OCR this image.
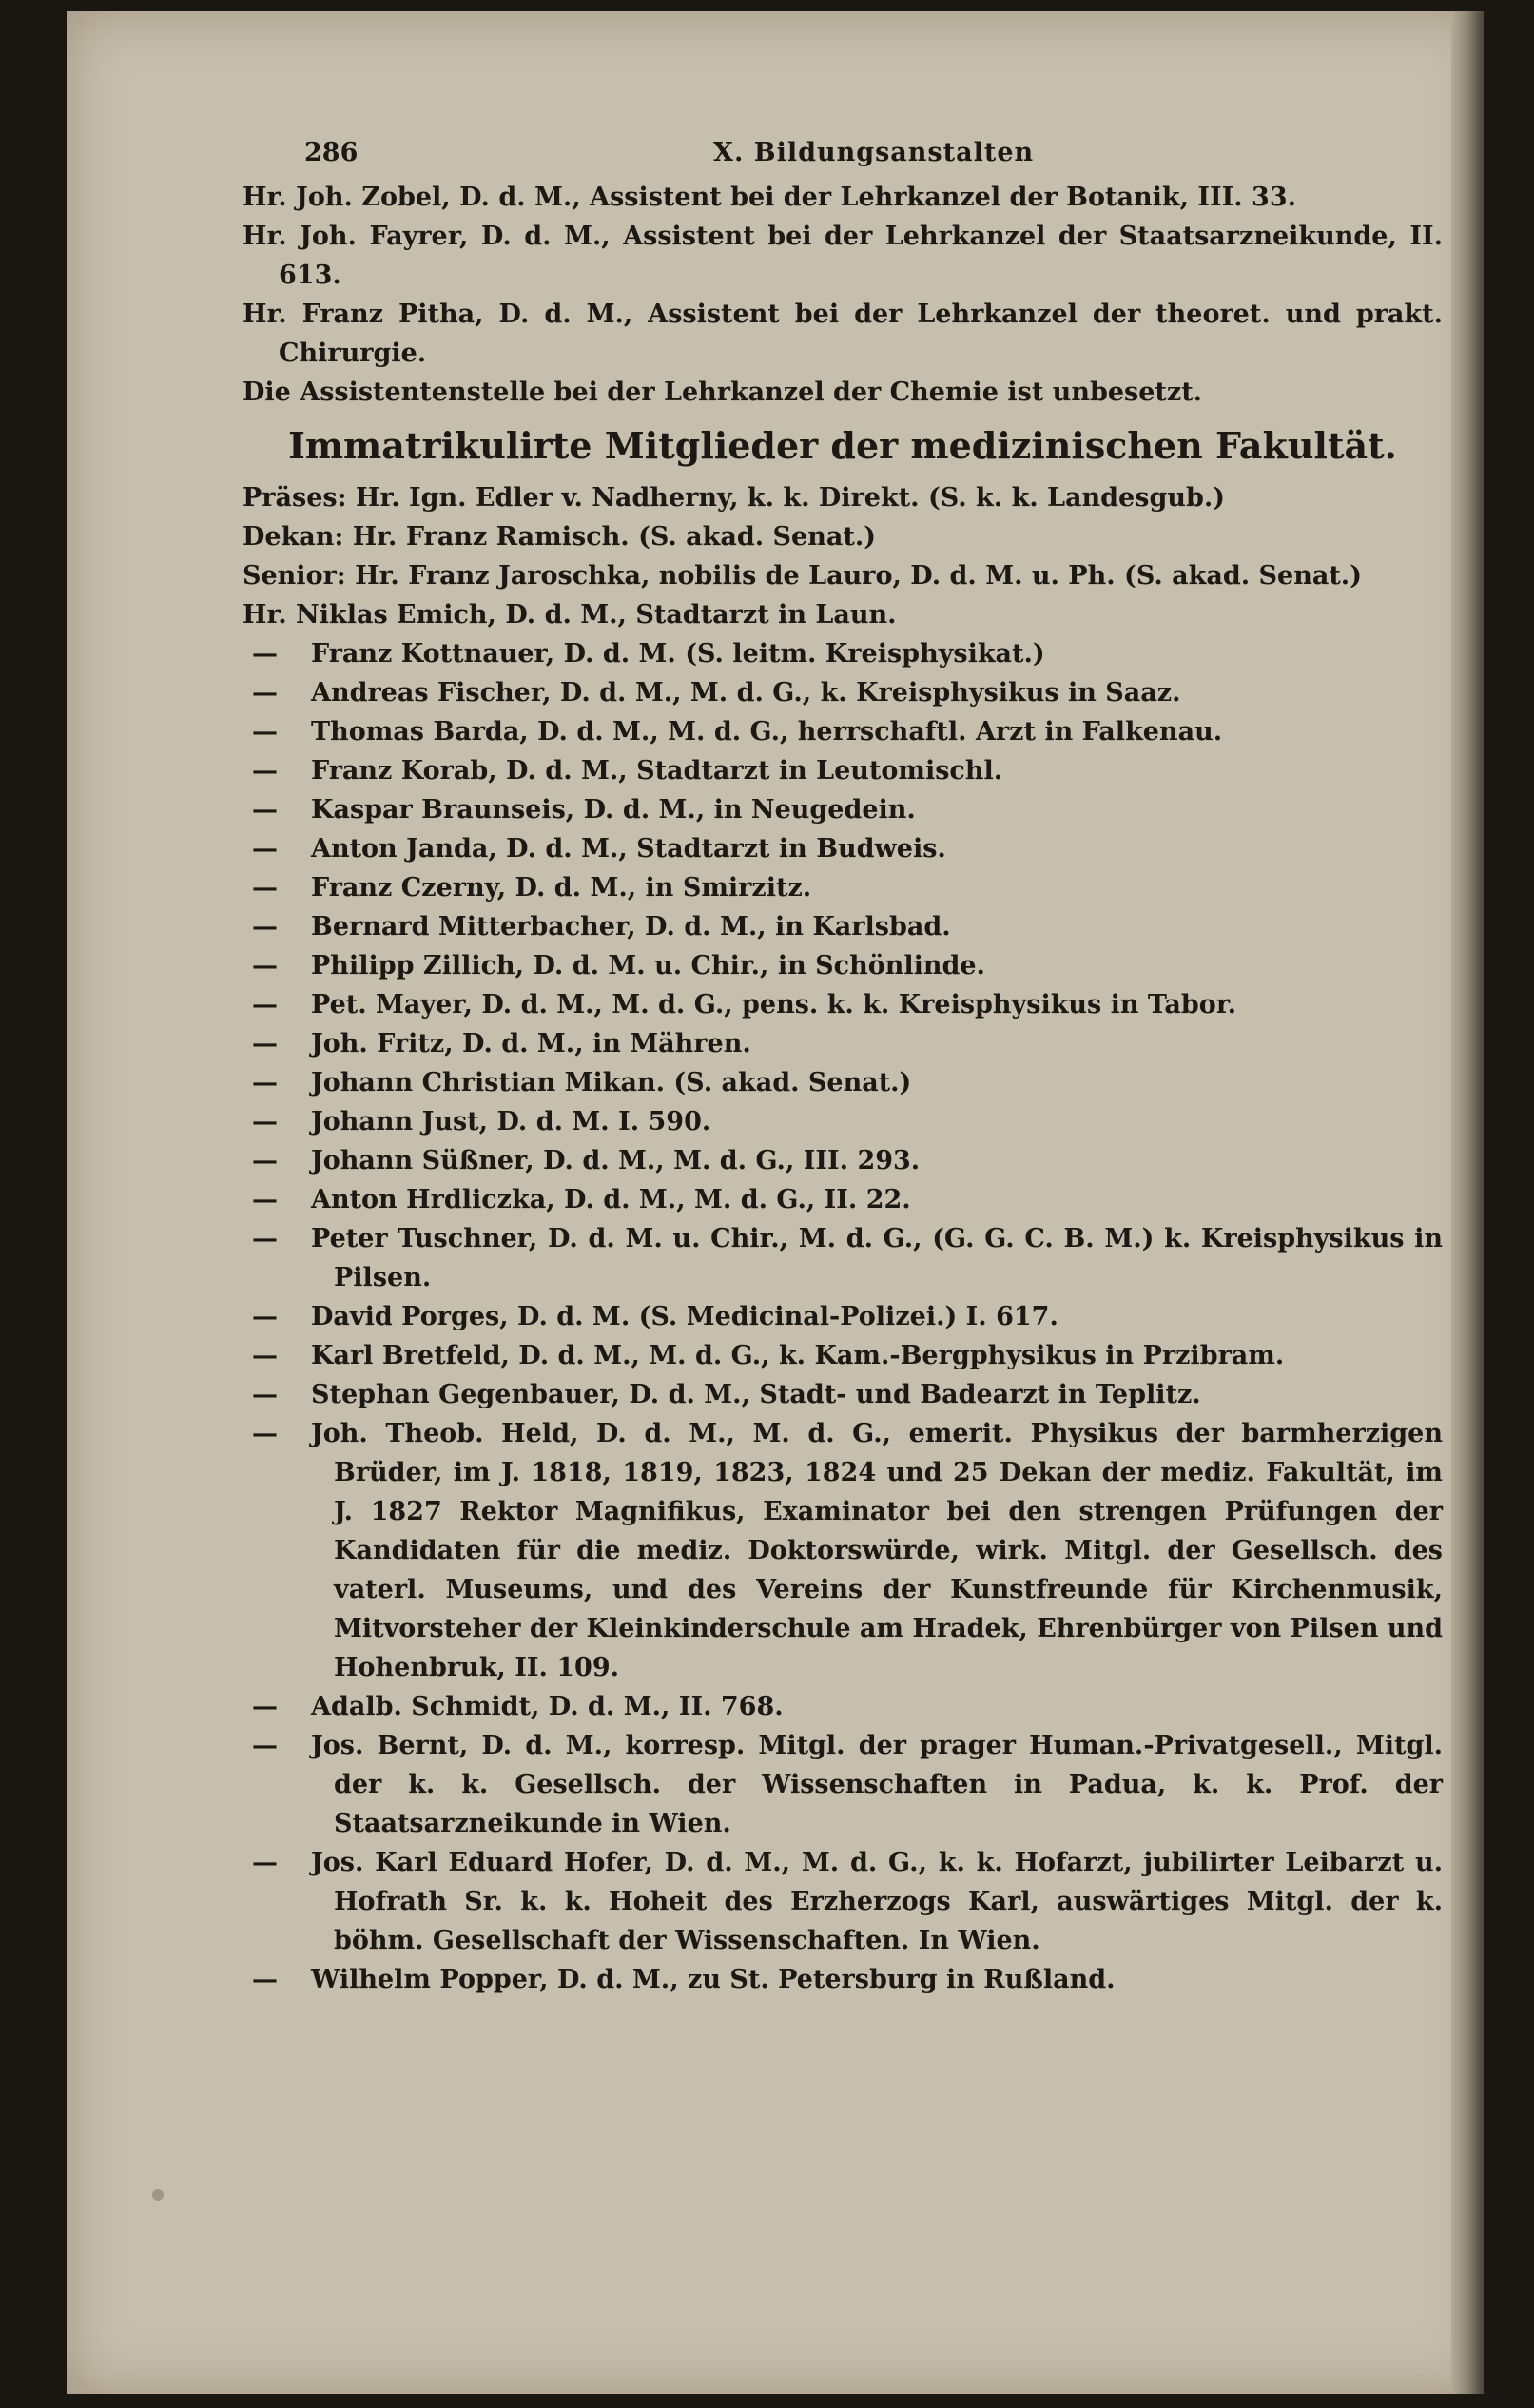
286	X. Bildungsanstalten

Hr. Joh. Zobel, D. d. M., Assistent bei der Lehrkanzel der Botanik, III. 33.

Hr. Joh. Fayrer, D. d. M., Assistent bei der Lehrkanzel der Staatsarzneikunde, II. 613.

Hr. Franz Pitha, D. d. M., Assistent bei der Lehrkanzel der theoret. und prakt. Chirurgie.

Die Assistentenstelle bei der Lehrkanzel der Chemie ist unbesetzt.

Immatrikulirte Mitglieder der medizinischen Fakultät.

Präses: Hr. Ign. Edler v. Nadherny, k. k. Direkt. (S. k. k. Landesgub.)

Dekan: Hr. Franz Ramisch. (S. akad. Senat.)

Senior: Hr. Franz Jaroschka, nobilis de Lauro, D. d. M. u. Ph. (S. akad. Senat.)

Hr. Niklas Emich, D. d. M., Stadtarzt in Laun.

— Franz Kottnauer, D. d. M. (S. leitm. Kreisphysikat.)

— Andreas Fischer, D. d. M., M. d. G., k. Kreisphysikus in Saaz.

— Thomas Barda, D. d. M., M. d. G., herrschaftl. Arzt in Falkenau.

— Franz Korab, D. d. M., Stadtarzt in Leutomischl.

— Kaspar Braunseis, D. d. M., in Neugedein.

— Anton Janda, D. d. M., Stadtarzt in Budweis.

— Franz Czerny, D. d. M., in Smirzitz.

— Bernard Mitterbacher, D. d. M., in Karlsbad.

— Philipp Zillich, D. d. M. u. Chir., in Schönlinde.

— Pet. Mayer, D. d. M., M. d. G., pens. k. k. Kreisphysikus in Tabor.

— Joh. Fritz, D. d. M., in Mähren.

— Johann Christian Mikan. (S. akad. Senat.)

— Johann Just, D. d. M. I. 590.

— Johann Süßner, D. d. M., M. d. G., III. 293.

— Anton Hrdliczka, D. d. M., M. d. G., II. 22.

— Peter Tuschner, D. d. M. u. Chir., M. d. G., (G. G. C. B. M.) k. Kreisphysikus in Pilsen.

— David Porges, D. d. M. (S. Medicinal-Polizei.) I. 617.

— Karl Bretfeld, D. d. M., M. d. G., k. Kam.-Bergphysikus in Przibram.

— Stephan Gegenbauer, D. d. M., Stadt- und Badearzt in Teplitz.

— Joh. Theob. Held, D. d. M., M. d. G., emerit. Physikus der barmherzigen Brüder, im J. 1818, 1819, 1823, 1824 und 25 Dekan der mediz. Fakultät, im J. 1827 Rektor Magnifikus, Examinator bei den strengen Prüfungen der Kandidaten für die mediz. Doktorswürde, wirk. Mitgl. der Gesellsch. des vaterl. Museums, und des Vereins der Kunstfreunde für Kirchenmusik, Mitvorsteher der Kleinkinderschule am Hradek, Ehrenbürger von Pilsen und Hohenbruk, II. 109.

— Adalb. Schmidt, D. d. M., II. 768.

— Jos. Bernt, D. d. M., korresp. Mitgl. der prager Human.-Privatgesell., Mitgl. der k. k. Gesellsch. der Wissenschaften in Padua, k. k. Prof. der Staatsarzneikunde in Wien.

— Jos. Karl Eduard Hofer, D. d. M., M. d. G., k. k. Hofarzt, jubilirter Leibarzt u. Hofrath Sr. k. k. Hoheit des Erzherzogs Karl, auswärtiges Mitgl. der k. böhm. Gesellschaft der Wissenschaften. In Wien.

— Wilhelm Popper, D. d. M., zu St. Petersburg in Rußland.
